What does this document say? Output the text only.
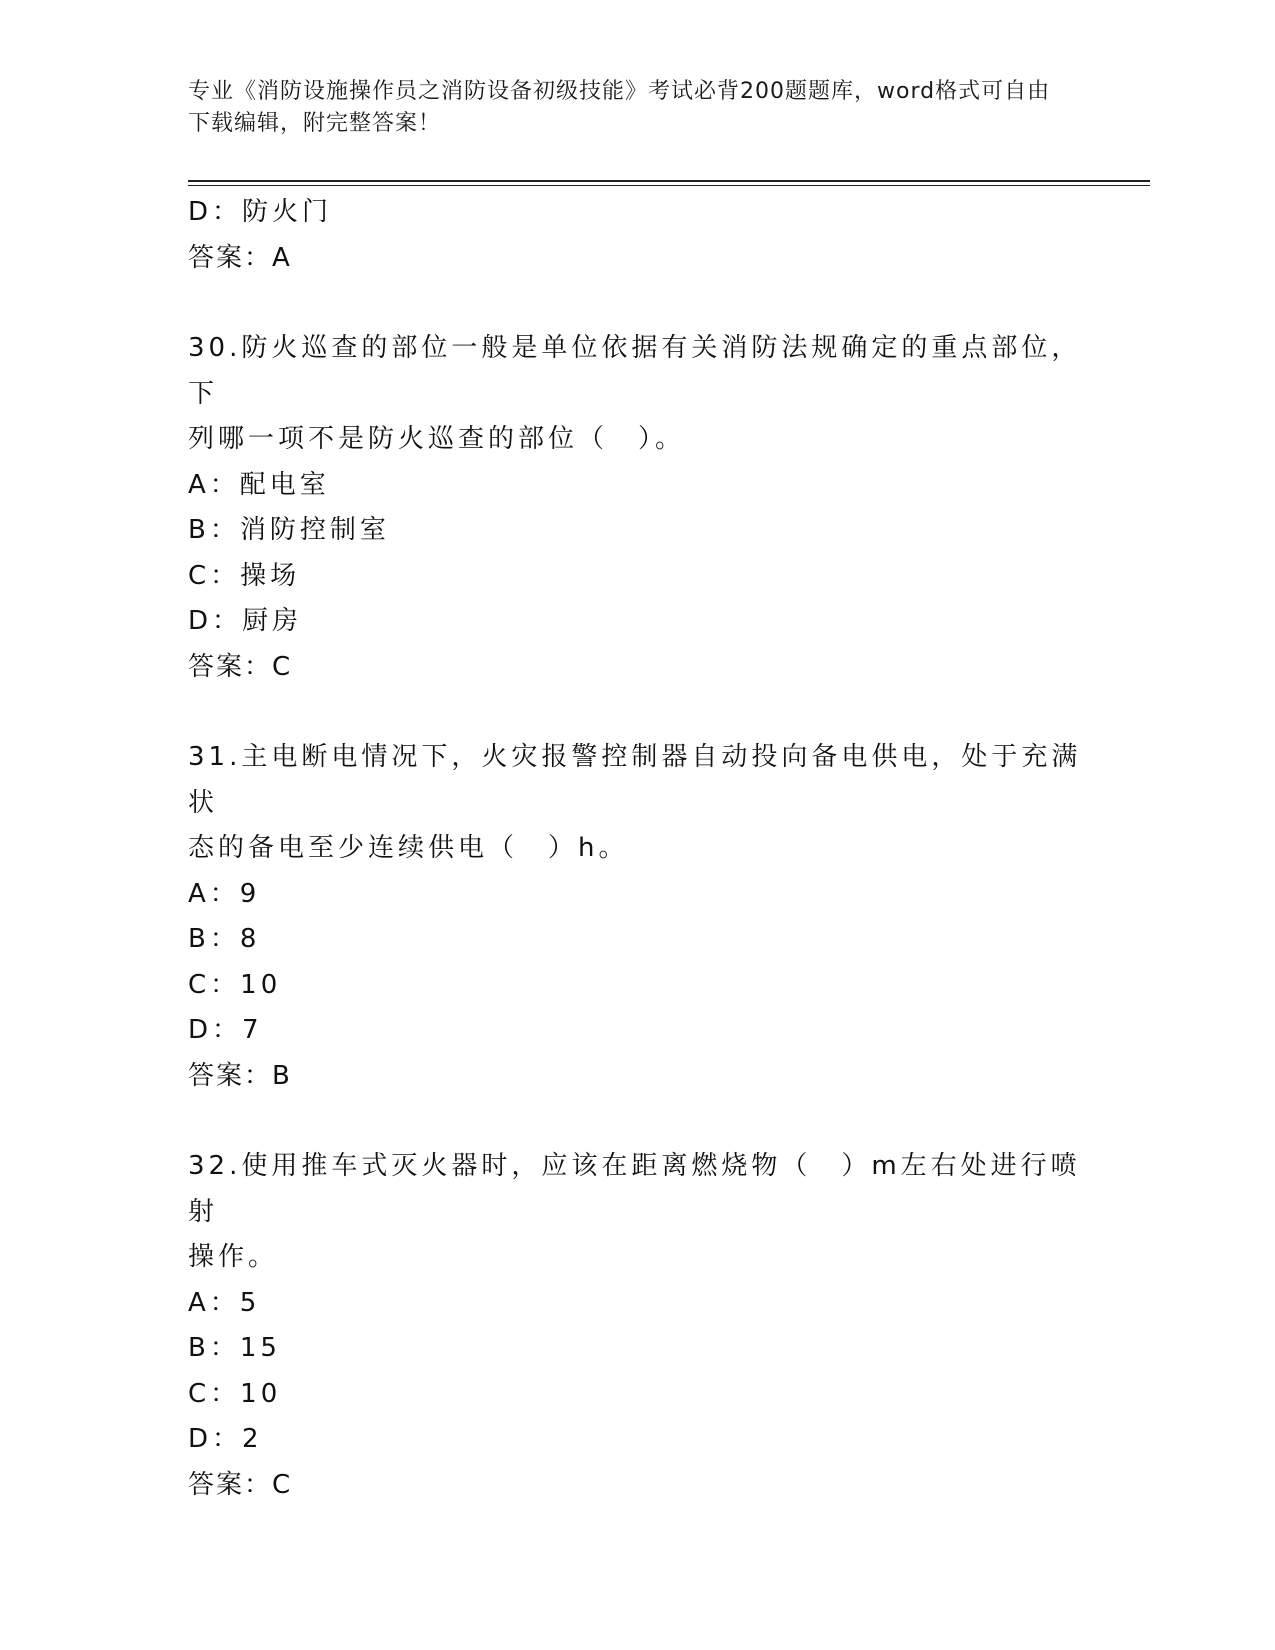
专业《消防设施操作员之消防设备初级技能》考试必背200题题库，word格式可自由下载编辑，附完整答案！
D：防火门
答案：A
30.防火巡查的部位一般是单位依据有关消防法规确定的重点部位，下
列哪一项不是防火巡查的部位（　）。
A：配电室
B：消防控制室
C：操场
D：厨房
答案：C
31.主电断电情况下，火灾报警控制器自动投向备电供电，处于充满状
态的备电至少连续供电（　）h。
A：9
B：8
C：10
D：7
答案：B
32.使用推车式灭火器时，应该在距离燃烧物（　）m左右处进行喷射
操作。
A：5
B：15
C：10
D：2
答案：C
